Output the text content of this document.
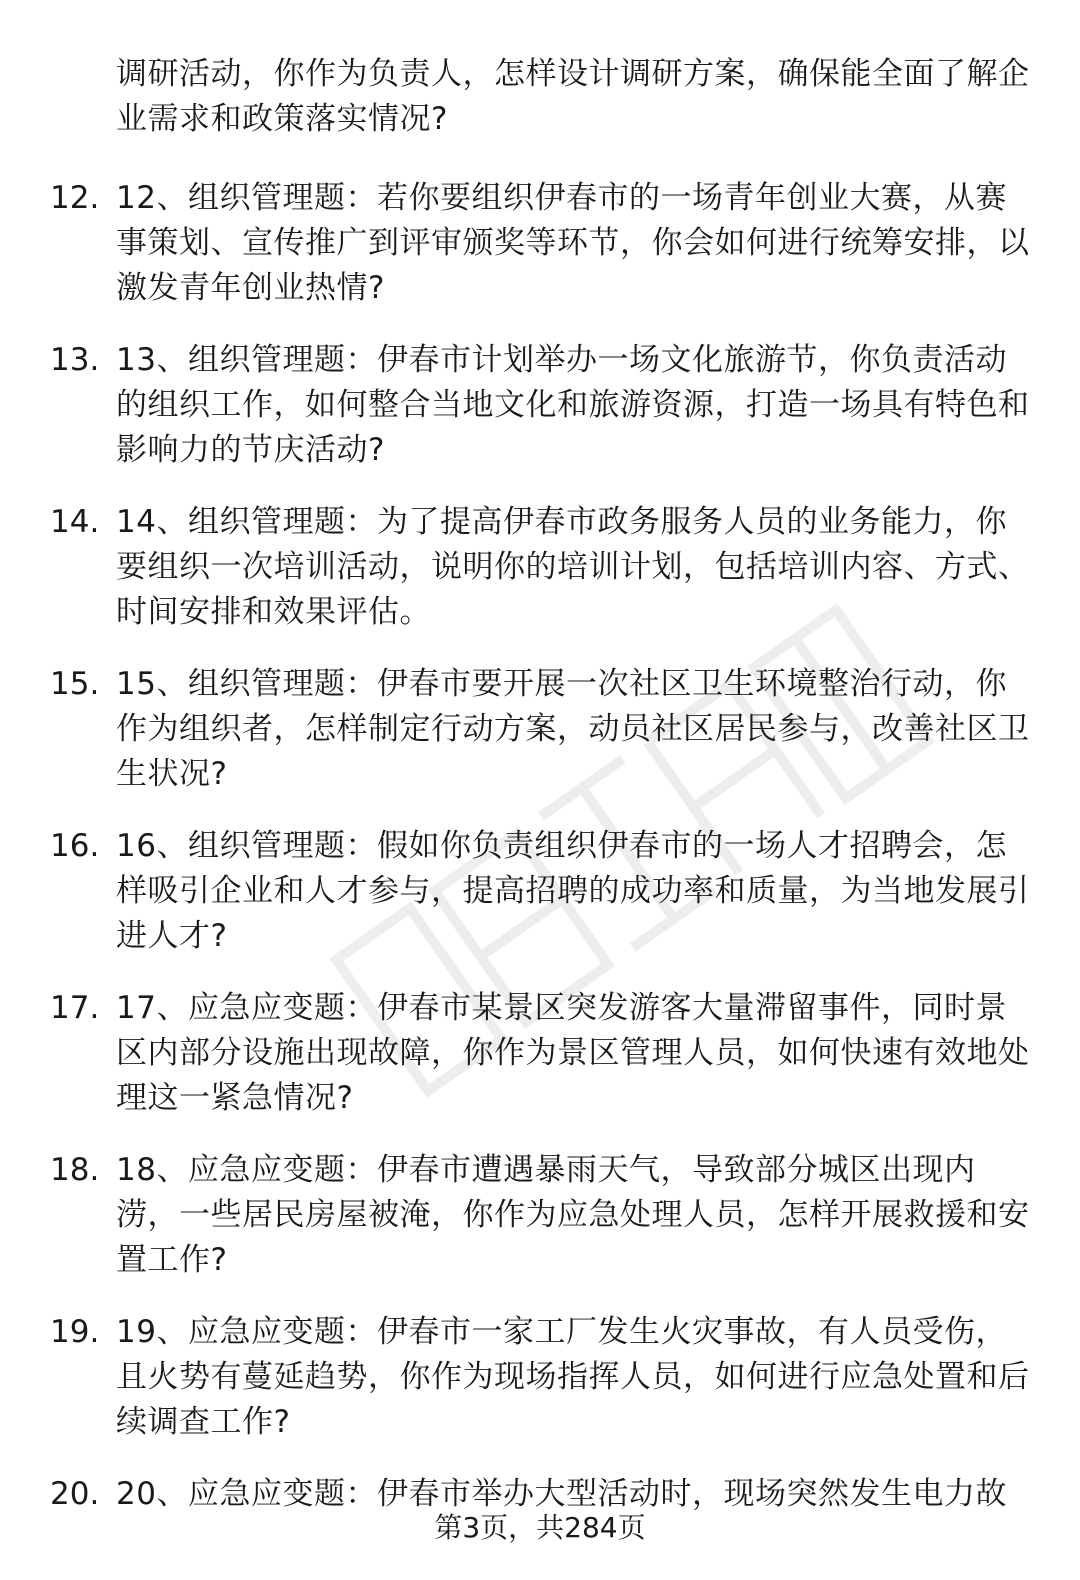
调研活动，你作为负责人，怎样设计调研方案，确保能全面了解企业需求和政策落实情况?
12. 12、组织管理题：若你要组织伊春市的一场青年创业大赛，从赛事策划、宣传推广到评审颁奖等环节，你会如何进行统筹安排，以激发青年创业热情?
13. 13、组织管理题：伊春市计划举办一场文化旅游节，你负责活动的组织工作，如何整合当地文化和旅游资源，打造一场具有特色和影响力的节庆活动?
14. 14、组织管理题：为了提高伊春市政务服务人员的业务能力，你要组织一次培训活动，说明你的培训计划，包括培训内容、方式、时间安排和效果评估。
15. 15、组织管理题：伊春市要开展一次社区卫生环境整治行动，你作为组织者，怎样制定行动方案，动员社区居民参与，改善社区卫生状况?
16. 16、组织管理题：假如你负责组织伊春市的一场人才招聘会，怎样吸引企业和人才参与，提高招聘的成功率和质量，为当地发展引进人才?
17. 17、应急应变题：伊春市某景区突发游客大量滞留事件，同时景区内部分设施出现故障，你作为景区管理人员，如何快速有效地处理这一紧急情况?
18. 18、应急应变题：伊春市遭遇暴雨天气，导致部分城区出现内涝，一些居民房屋被淹，你作为应急处理人员，怎样开展救援和安置工作?
19. 19、应急应变题：伊春市一家工厂发生火灾事故，有人员受伤，且火势有蔓延趋势，你作为现场指挥人员，如何进行应急处置和后续调查工作?
20. 20、应急应变题：伊春市举办大型活动时，现场突然发生电力故
第3页，共284页
